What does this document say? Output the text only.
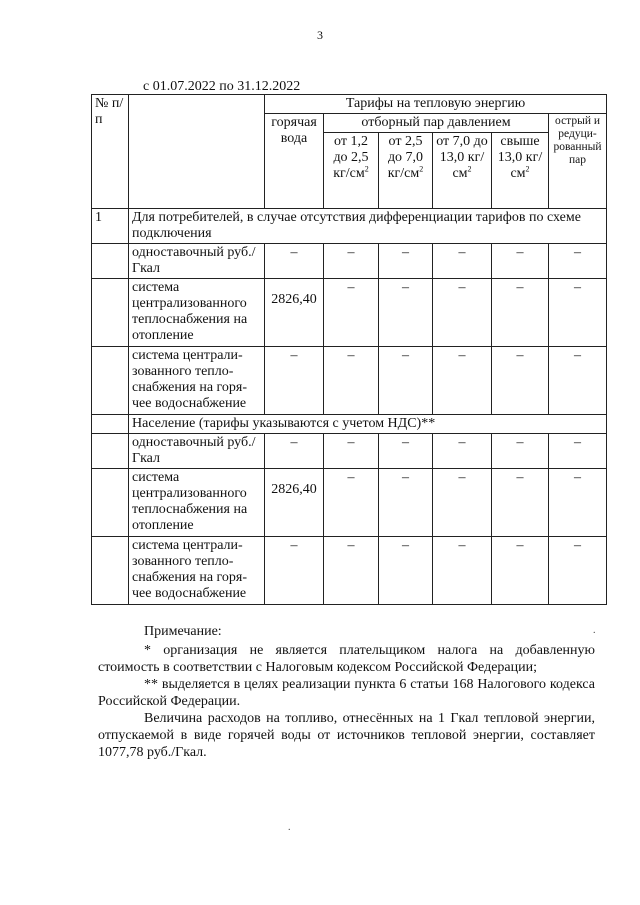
3
с 01.07.2022 по 31.12.2022
№ п/п		Тарифы на тепловую энергию					
		горячая вода	отборный пар давлением				острый и редуци-рованный пар
			от 1,2 до 2,5 $кг/см^2$	от 2,5 до 7,0 $кг/см^2$	от 7,0 до 13,0 $кг/см^2$	свыше 13,0 $кг/см^2$
1	Для потребителей, в случае отсутствия дифференциации тарифов по схеме подключения						
	одноставочный руб./Гкал	–	–	–	–	–	–
	система централизованного теплоснабжения на отопление	2826,40	–	–	–	–	–
	система централи-зованного тепло-снабжения на горя-чее водоснабжение	–	–	–	–	–	–
	Население (тарифы указываются с учетом НДС)**						
	одноставочный руб./Гкал	–	–	–	–	–	–
	система централизованного теплоснабжения на отопление	2826,40	–	–	–	–	–
	система централи-зованного тепло-снабжения на горя-чее водоснабжение	–	–	–	–	–	–

Примечание:

* организация не является плательщиком налога на добавленную стоимость в соответствии с Налоговым кодексом Российской Федерации;

** выделяется в целях реализации пункта 6 статьи 168 Налогового кодекса Российской Федерации.

Величина расходов на топливо, отнесённых на 1 Гкал тепловой энергии, отпускаемой в виде горячей воды от источников тепловой энергии, составляет 1077,78 руб./Гкал.

.
.
